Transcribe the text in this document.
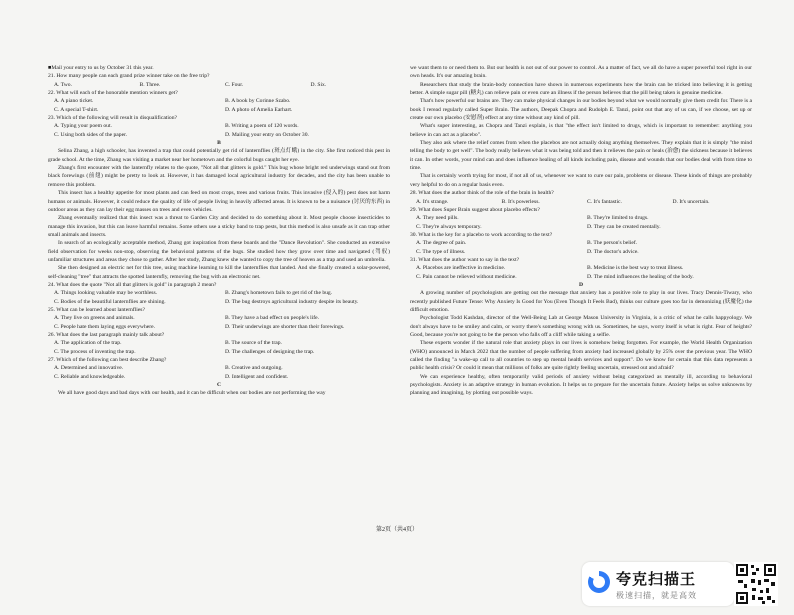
■Mail your entry to us by October 31 this year.

21. How many people can each grand prize winner take on the free trip?

A. Two.	B. Three.	C. Four.	D. Six.

22. What will each of the honorable mention winners get?

A. A piano ticket.	B. A book by Corinne Szabo.
C. A special T-shirt.	D. A photo of Amelia Earhart.

23. Which of the following will result in disqualification?

A. Typing your poem out.	B. Writing a poem of 120 words.
C. Using both sides of the paper.	D. Mailing your entry on October 30.

B

Selina Zhang, a high schooler, has invented a trap that could potentially get rid of lanternflies (斑点灯蛾) in the city. She first noticed this pest in grade school. At the time, Zhang was visiting a market near her hometown and the colorful bugs caught her eye.

Zhang's first encounter with the lanternfly relates to the quote, "Not all that glitters is gold." This bug whose bright red underwings stand out from black forewings (前翅) might be pretty to look at. However, it has damaged local agricultural industry for decades, and the city has been unable to remove this problem.

This insect has a healthy appetite for most plants and can feed on most crops, trees and various fruits. This invasive (侵入的) pest does not harm humans or animals. However, it could reduce the quality of life of people living in heavily affected areas. It is known to be a nuisance (讨厌的东西) in outdoor areas as they can lay their egg masses on trees and even vehicles.

Zhang eventually realized that this insect was a threat to Garden City and decided to do something about it. Most people choose insecticides to manage this invasion, but this can leave harmful remains. Some others use a sticky band to trap pests, but this method is also unsafe as it can trap other small animals and insects.

In search of an ecologically acceptable method, Zhang got inspiration from these boards and the "Dance Revolution". She conducted an extensive field observation for weeks non-stop, observing the behavioral patterns of the bugs. She studied how they grow over time and navigated (驾驭) unfamiliar structures and areas they chose to gather. After her study, Zhang knew she wanted to copy the tree of heaven as a trap and used an umbrella.

She then designed an electric net for this tree, using machine learning to kill the lanternflies that landed. And she finally created a solar-powered, self-cleaning "tree" that attracts the spotted lanternfly, removing the bug with an electronic net.

24. What does the quote "Not all that glitters is gold" in paragraph 2 mean?

A. Things looking valuable may be worthless.	B. Zhang's hometown fails to get rid of the bug.
C. Bodies of the beautiful lanternflies are shining.	D. The bug destroys agricultural industry despite its beauty.

25. What can be learned about lanternflies?

A. They live on greens and animals.	B. They have a bad effect on people's life.
C. People hate them laying eggs everywhere.	D. Their underwings are shorter than their forewings.

26. What does the last paragraph mainly talk about?

A. The application of the trap.	B. The source of the trap.
C. The process of inventing the trap.	D. The challenges of designing the trap.

27. Which of the following can best describe Zhang?

A. Determined and innovative.	B. Creative and outgoing.
C. Reliable and knowledgeable.	D. Intelligent and confident.

C

We all have good days and bad days with our health, and it can be difficult when our bodies are not performing the way

we want them to or need them to. But our health is not out of our power to control. As a matter of fact, we all do have a super powerful tool right in our own heads. It's our amazing brain.

Researchers that study the brain-body connection have shown in numerous experiments how the brain can be tricked into believing it is getting better. A simple sugar pill (糖丸) can relieve pain or even cure an illness if the person believes that the pill being taken is genuine medicine.

That's how powerful our brains are. They can make physical changes in our bodies beyond what we would normally give them credit for. There is a book I reread regularly called Super Brain. The authors, Deepak Chopra and Rudolph E. Tanzi, point out that any of us can, if we choose, set up or create our own placebo (安慰剂) effect at any time without any kind of pill.

What's super interesting, as Chopra and Tanzi explain, is that "the effect isn't limited to drugs, which is important to remember: anything you believe in can act as a placebo".

They also ask where the relief comes from when the placebos are not actually doing anything themselves. They explain that it is simply "the mind telling the body to get well". The body really believes what it was being told and then it relieves the pain or heals (治愈) the sickness because it believes it can. In other words, your mind can and does influence healing of all kinds including pain, disease and wounds that our bodies deal with from time to time.

That is certainly worth trying for most, if not all of us, whenever we want to cure our pain, problems or disease. These kinds of things are probably very helpful to do on a regular basis even.

28. What does the author think of the role of the brain in health?

A. It's strange.	B. It's powerless.	C. It's fantastic.	D. It's uncertain.

29. What does Super Brain suggest about placebo effects?

A. They need pills.	B. They're limited to drugs.
C. They're always temporary.	D. They can be created mentally.

30. What is the key for a placebo to work according to the text?

A. The degree of pain.	B. The person's belief.
C. The type of illness.	D. The doctor's advice.

31. What does the author want to say in the text?

A. Placebos are ineffective in medicine.	B. Medicine is the best way to treat illness.
C. Pain cannot be relieved without medicine.	D. The mind influences the healing of the body.

D

A growing number of psychologists are getting out the message that anxiety has a positive role to play in our lives. Tracy Dennis-Tiwary, who recently published Future Tense: Why Anxiety Is Good for You (Even Though It Feels Bad), thinks our culture goes too far in demonizing (妖魔化) the difficult emotion.

Psychologist Todd Kashdan, director of the Well-Being Lab at George Mason University in Virginia, is a critic of what he calls happyology. We don't always have to be smiley and calm, or worry there's something wrong with us. Sometimes, he says, worry itself is what is right. Fear of heights? Good, because you're not going to be the person who falls off a cliff while taking a selfie.

These experts wonder if the natural role that anxiety plays in our lives is somehow being forgotten. For example, the World Health Organization (WHO) announced in March 2022 that the number of people suffering from anxiety had increased globally by 25% over the previous year. The WHO called the finding "a wake-up call to all countries to step up mental health services and support". Do we know for certain that this data represents a public health crisis? Or could it mean that millions of folks are quite rightly feeling uncertain, stressed out and afraid?

We can experience healthy, often temporarily valid periods of anxiety without being categorized as mentally ill, according to behavioral psychologists. Anxiety is an adaptive strategy in human evolution. It helps us to prepare for the uncertain future. Anxiety helps us solve unknowns by planning and imagining, by plotting out possible ways.

第2页（共4页）
夸克扫描王
极速扫描，就是高效
